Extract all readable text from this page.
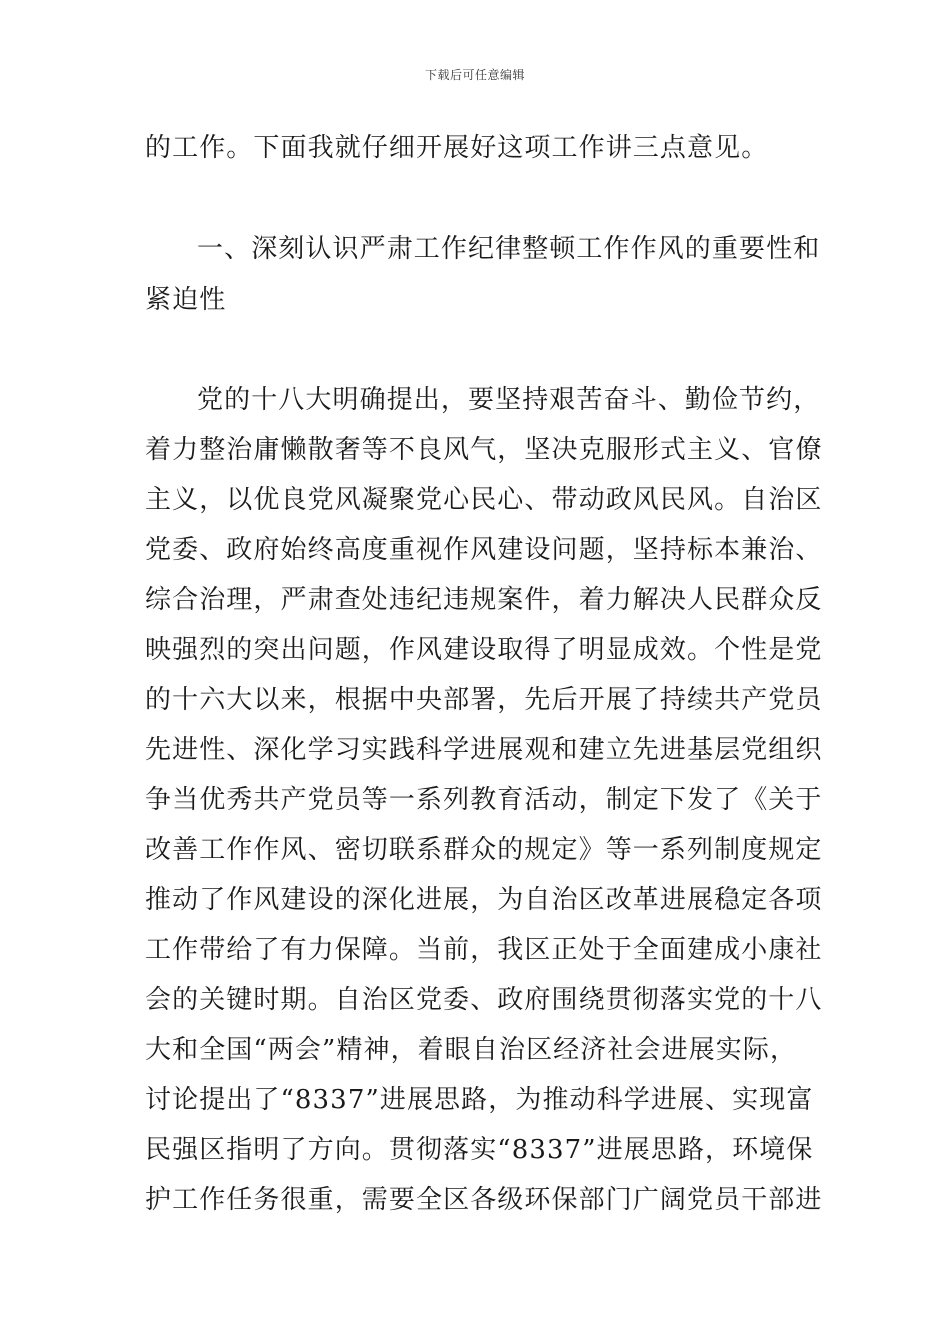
下载后可任意编辑
的工作。下面我就仔细开展好这项工作讲三点意见。
一、深刻认识严肃工作纪律整顿工作作风的重要性和
紧迫性
党的十八大明确提出，要坚持艰苦奋斗、勤俭节约，
着力整治庸懒散奢等不良风气，坚决克服形式主义、官僚
主义，以优良党风凝聚党心民心、带动政风民风。自治区
党委、政府始终高度重视作风建设问题，坚持标本兼治、
综合治理，严肃查处违纪违规案件，着力解决人民群众反
映强烈的突出问题，作风建设取得了明显成效。个性是党
的十六大以来，根据中央部署，先后开展了持续共产党员
先进性、深化学习实践科学进展观和建立先进基层党组织
争当优秀共产党员等一系列教育活动，制定下发了《关于
改善工作作风、密切联系群众的规定》等一系列制度规定
推动了作风建设的深化进展，为自治区改革进展稳定各项
工作带给了有力保障。当前，我区正处于全面建成小康社
会的关键时期。自治区党委、政府围绕贯彻落实党的十八
大和全国“两会”精神，着眼自治区经济社会进展实际，
讨论提出了“8337”进展思路，为推动科学进展、实现富
民强区指明了方向。贯彻落实“8337”进展思路，环境保
护工作任务很重，需要全区各级环保部门广阔党员干部进
